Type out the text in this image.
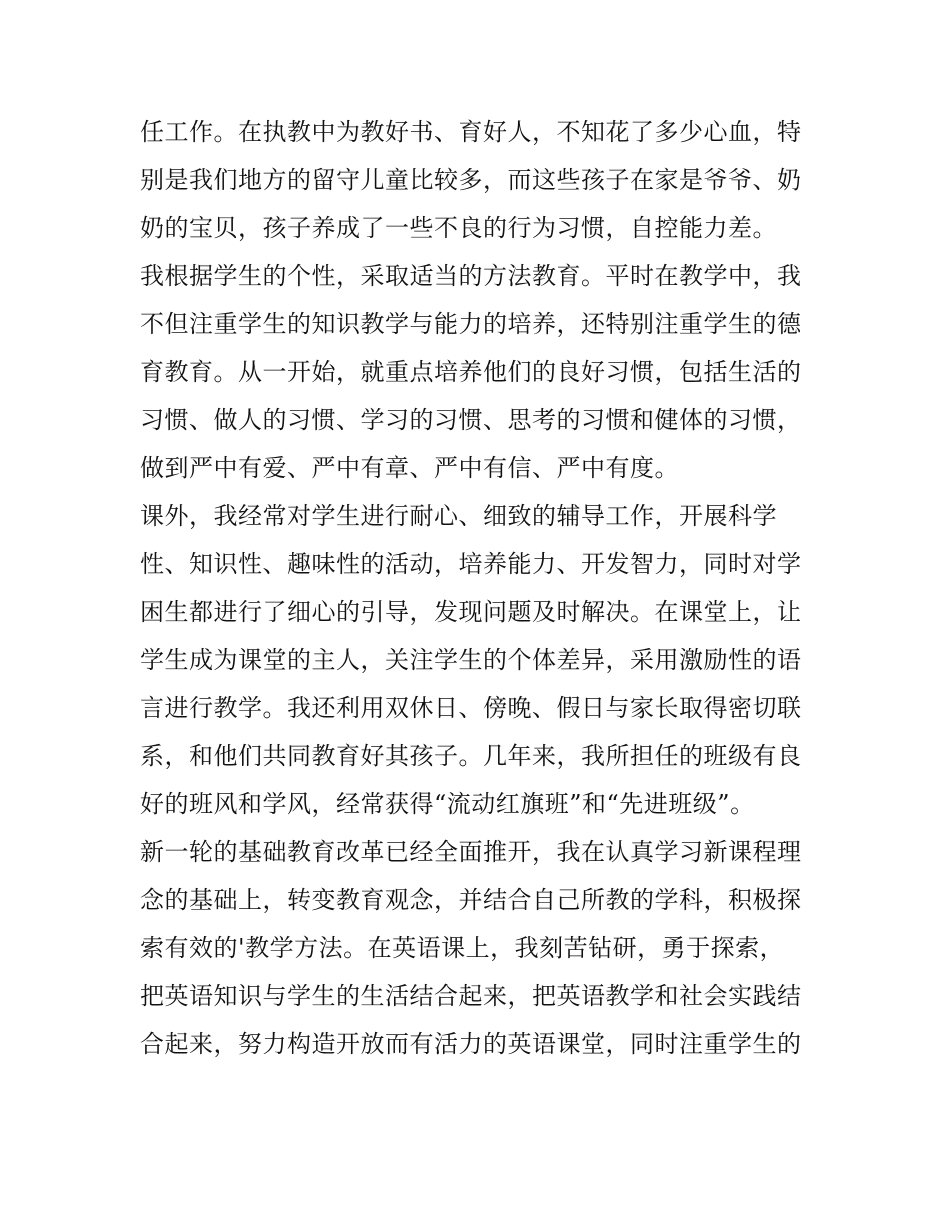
任工作。在执教中为教好书、育好人，不知花了多少心血，特
别是我们地方的留守儿童比较多，而这些孩子在家是爷爷、奶
奶的宝贝，孩子养成了一些不良的行为习惯，自控能力差。
我根据学生的个性，采取适当的方法教育。平时在教学中，我
不但注重学生的知识教学与能力的培养，还特别注重学生的德
育教育。从一开始，就重点培养他们的良好习惯，包括生活的
习惯、做人的习惯、学习的习惯、思考的习惯和健体的习惯，
做到严中有爱、严中有章、严中有信、严中有度。
课外，我经常对学生进行耐心、细致的辅导工作，开展科学
性、知识性、趣味性的活动，培养能力、开发智力，同时对学
困生都进行了细心的引导，发现问题及时解决。在课堂上，让
学生成为课堂的主人，关注学生的个体差异，采用激励性的语
言进行教学。我还利用双休日、傍晚、假日与家长取得密切联
系，和他们共同教育好其孩子。几年来，我所担任的班级有良
好的班风和学风，经常获得“流动红旗班”和“先进班级”。
新一轮的基础教育改革已经全面推开，我在认真学习新课程理
念的基础上，转变教育观念，并结合自己所教的学科，积极探
索有效的'教学方法。在英语课上，我刻苦钻研，勇于探索，
把英语知识与学生的生活结合起来，把英语教学和社会实践结
合起来，努力构造开放而有活力的英语课堂，同时注重学生的
